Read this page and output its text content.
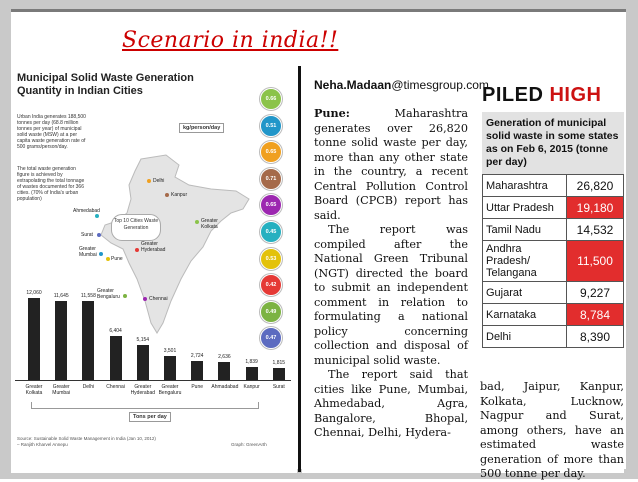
Scenario in india!!
Municipal Solid Waste Generation Quantity in Indian Cities
Urban India generates 188,500 tonnes per day (68.8 million tonnes per year) of municipal solid waste (MSW) at a per capita waste generation rate of 500 grams/person/day.
The total waste generation figure is achieved by extrapolating the total tonnage of wastes documented for 366 cities. (70% of India's urban population)
kg/person/day
Delhi
Kanpur
Ahmedabad
Surat
Greater Mumbai
Pune
Greater Kolkata
Greater Hyderabad
Greater Bengaluru	Chennai
Top 10 Cities Waste Generation
0.66
0.51
0.65
0.71
0.65
0.45
0.53
0.42
0.49
0.47
12,060
Greater Kolkata
11,645
Greater Mumbai
11,558
Delhi
6,404
Chennai
5,154
Greater Hyderabad
3,501
Greater Bengaluru
2,724
Pune
2,636
Ahmadabad
1,839
Kanpur
1,815
Surat
Tons per day
Source: Sustainable Solid Waste Management in India (Jan 10, 2012) – Ranjith Kharvel Annepu	Graph: GreenArth
Neha.Madaan@timesgroup.com

Pune:	Maharashtra generates over 26,820 tonne solid waste per day, more than any other state in the country, a recent Central Pollution Control Board (CPCB) report has said.

The report was compiled after the National Green Tribunal (NGT) directed the board to submit an independent comment in relation to formulating a national policy concerning collection and disposal of municipal solid waste.

The report said that cities like Pune, Mumbai, Ahmedabad, Agra, Bangalore, Bhopal, Chennai, Delhi, Hydera-

PILED HIGH
Generation of municipal solid waste in some states as on Feb 6, 2015 (tonne per day)
Maharashtra	26,820
Uttar Pradesh	19,180
Tamil Nadu	14,532
Andhra Pradesh/ Telangana	11,500
Gujarat	9,227
Karnataka	8,784
Delhi	8,390
bad, Jaipur, Kanpur, Kolkata, Lucknow, Nagpur and Surat, among others, have an estimated waste generation of more than 500 tonne per day.
